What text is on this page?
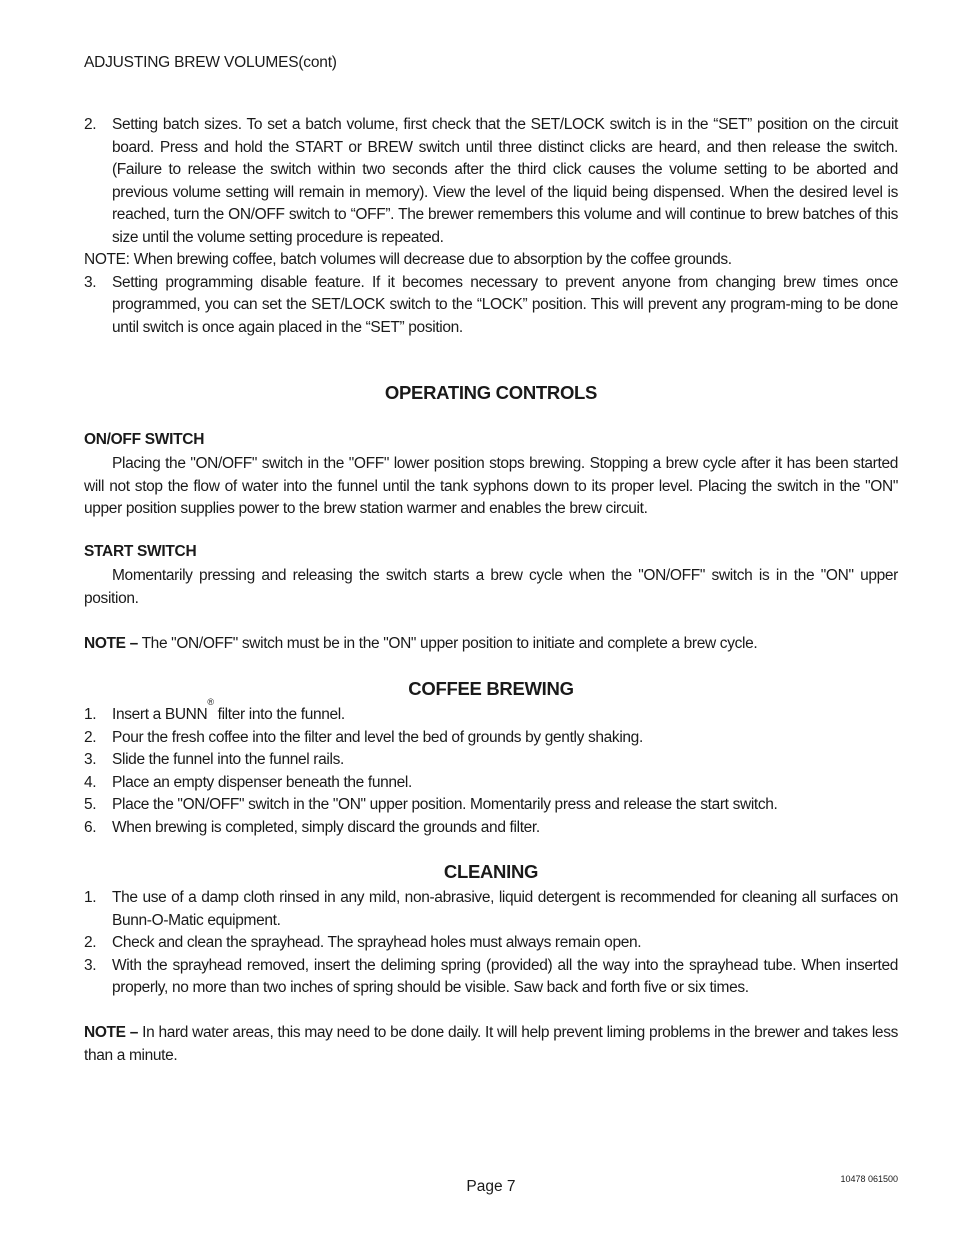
ADJUSTING BREW VOLUMES(cont)
2. Setting batch sizes. To set a batch volume, first check that the SET/LOCK switch is in the “SET” position on the circuit board. Press and hold the START or BREW switch until three distinct clicks are heard, and then release the switch. (Failure to release the switch within two seconds after the third click causes the volume setting to be aborted and previous volume setting will remain in memory). View the level of the liquid being dispensed. When the desired level is reached, turn the ON/OFF switch to “OFF”. The brewer remembers this volume and will continue to brew batches of this size until the volume setting procedure is repeated.
NOTE: When brewing coffee, batch volumes will decrease due to absorption by the coffee grounds.
3. Setting programming disable feature. If it becomes necessary to prevent anyone from changing brew times once programmed, you can set the SET/LOCK switch to the “LOCK” position. This will prevent any program-ming to be done until switch is once again placed in the “SET” position.
OPERATING CONTROLS
ON/OFF SWITCH
Placing the "ON/OFF" switch in the "OFF" lower position stops brewing. Stopping a brew cycle after it has been started will not stop the flow of water into the funnel until the tank syphons down to its proper level. Placing the switch in the "ON" upper position supplies power to the brew station warmer and enables the brew circuit.
START SWITCH
Momentarily pressing and releasing the switch starts a brew cycle when the "ON/OFF" switch is in the "ON" upper position.
NOTE – The "ON/OFF" switch must be in the "ON" upper position to initiate and complete a brew cycle.
COFFEE BREWING
1. Insert a BUNN® filter into the funnel.
2. Pour the fresh coffee into the filter and level the bed of grounds by gently shaking.
3. Slide the funnel into the funnel rails.
4. Place an empty dispenser beneath the funnel.
5. Place the "ON/OFF" switch in the "ON" upper position. Momentarily press and release the start switch.
6. When brewing is completed, simply discard the grounds and filter.
CLEANING
1. The use of a damp cloth rinsed in any mild, non-abrasive, liquid detergent is recommended for cleaning all surfaces on Bunn-O-Matic equipment.
2. Check and clean the sprayhead. The sprayhead holes must always remain open.
3. With the sprayhead removed, insert the deliming spring (provided) all the way into the sprayhead tube. When inserted properly, no more than two inches of spring should be visible. Saw back and forth five or six times.
NOTE – In hard water areas, this may need to be done daily. It will help prevent liming problems in the brewer and takes less than a minute.
Page 7	10478 061500
